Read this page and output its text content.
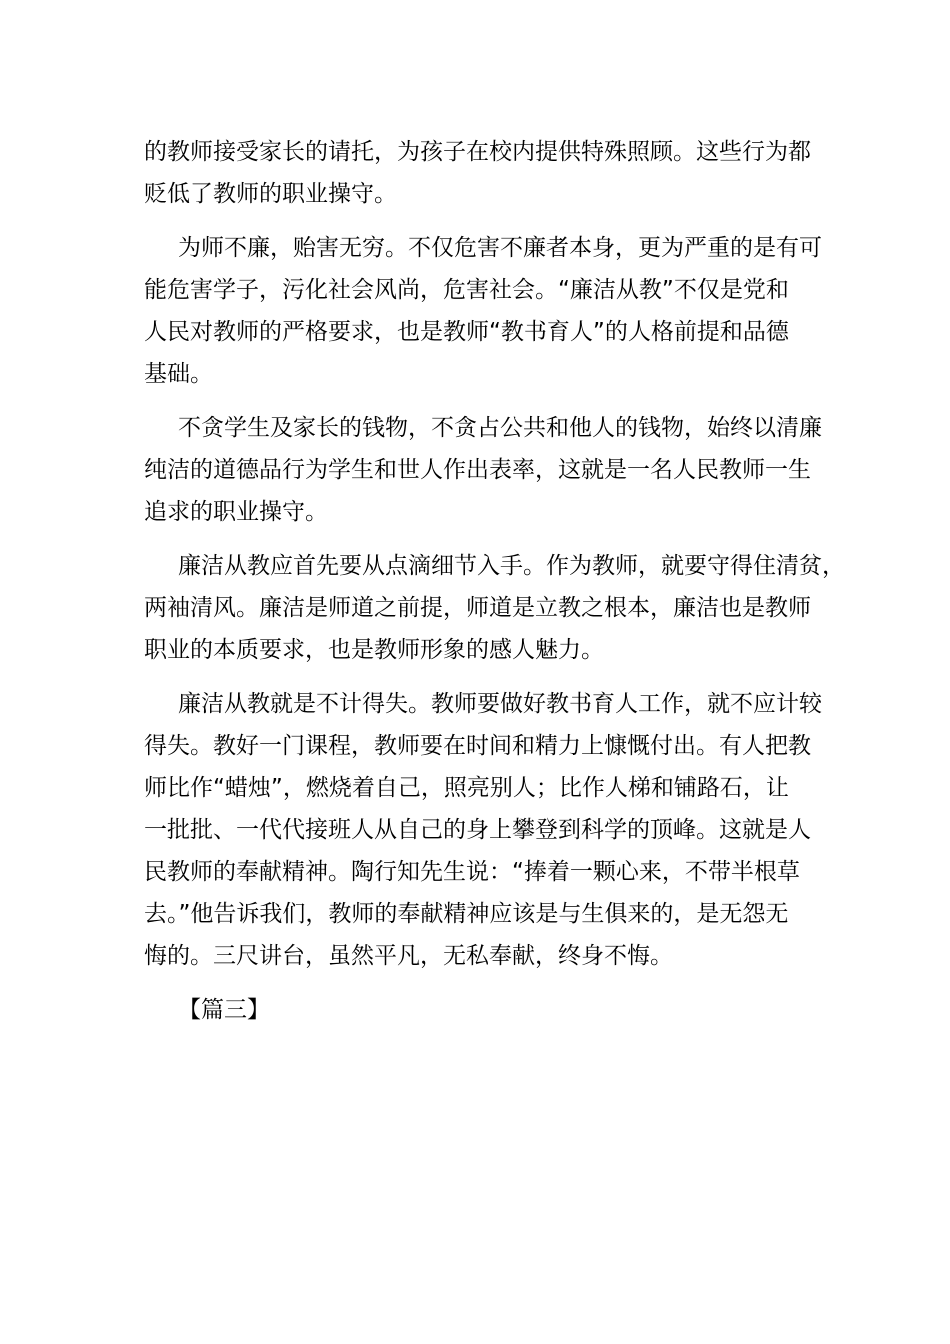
的教师接受家长的请托，为孩子在校内提供特殊照顾。这些行为都
贬低了教师的职业操守。
为师不廉，贻害无穷。不仅危害不廉者本身，更为严重的是有可
能危害学子，污化社会风尚，危害社会。“廉洁从教”不仅是党和
人民对教师的严格要求，也是教师“教书育人”的人格前提和品德
基础。
不贪学生及家长的钱物，不贪占公共和他人的钱物，始终以清廉
纯洁的道德品行为学生和世人作出表率，这就是一名人民教师一生
追求的职业操守。
廉洁从教应首先要从点滴细节入手。作为教师，就要守得住清贫，
两袖清风。廉洁是师道之前提，师道是立教之根本，廉洁也是教师
职业的本质要求，也是教师形象的感人魅力。
廉洁从教就是不计得失。教师要做好教书育人工作，就不应计较
得失。教好一门课程，教师要在时间和精力上慷慨付出。有人把教
师比作“蜡烛”，燃烧着自己，照亮别人；比作人梯和铺路石，让
一批批、一代代接班人从自己的身上攀登到科学的顶峰。这就是人
民教师的奉献精神。陶行知先生说：“捧着一颗心来，不带半根草
去。”他告诉我们，教师的奉献精神应该是与生俱来的，是无怨无
悔的。三尺讲台，虽然平凡，无私奉献，终身不悔。
【篇三】
